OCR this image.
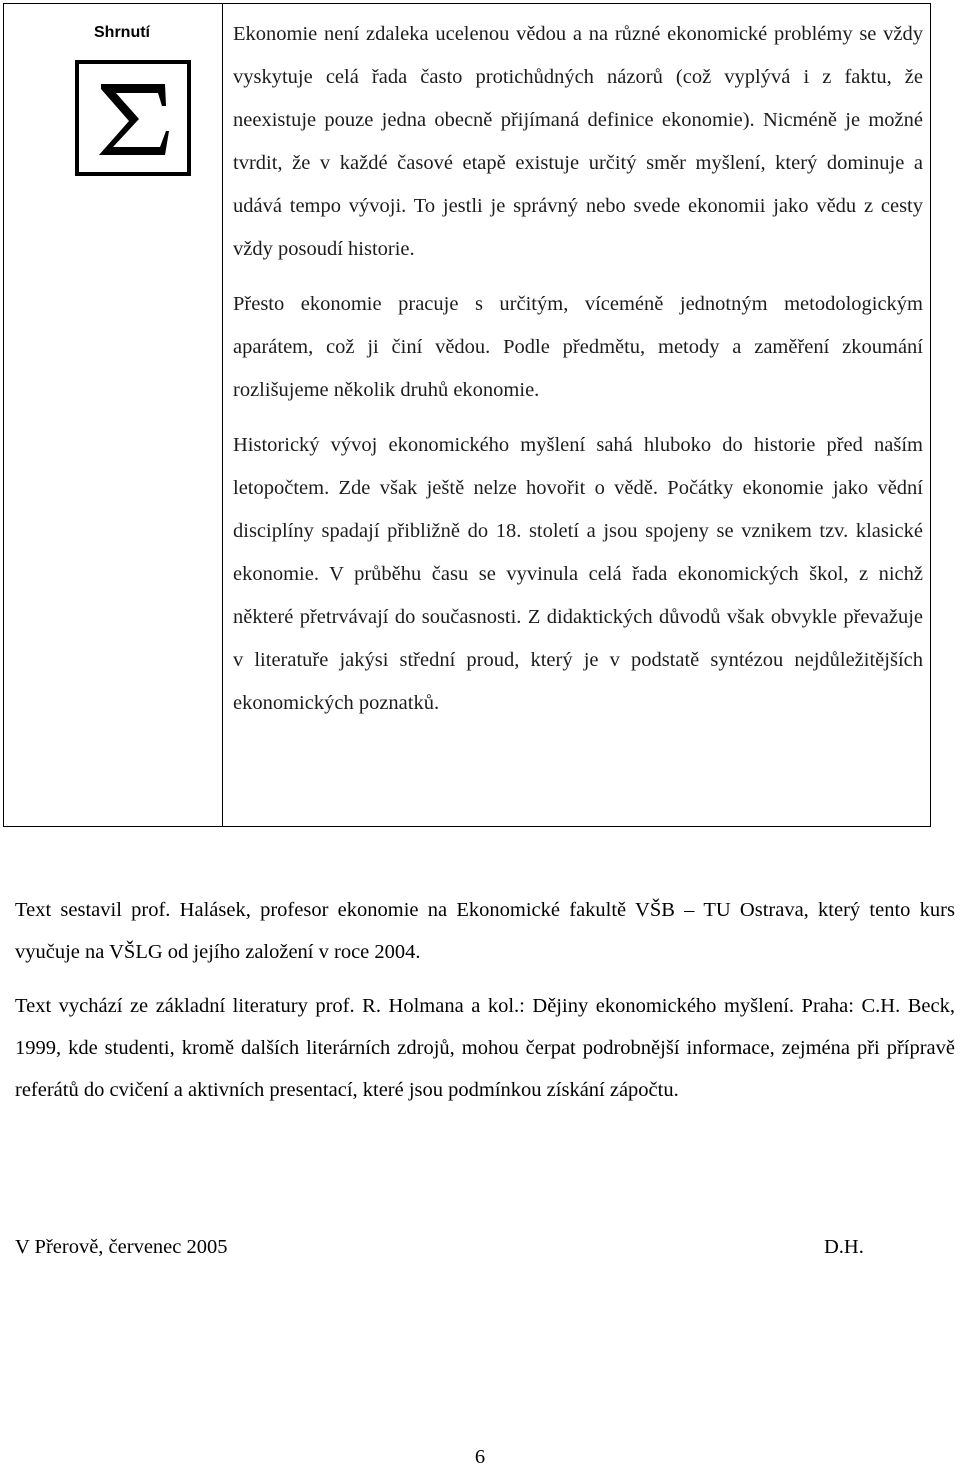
Shrnutí	Ekonomie není zdaleka ucelenou vědou a na různé ekonomické problémy se vždy vyskytuje celá řada často protichůdných názorů (což vyplývá i z faktu, že neexistuje pouze jedna obecně přijímaná definice ekonomie). Nicméně je možné tvrdit, že v každé časové etapě existuje určitý směr myšlení, který dominuje a udává tempo vývoji. To jestli je správný nebo svede ekonomii jako vědu z cesty vždy posoudí historie.

Přesto ekonomie pracuje s určitým, víceméně jednotným metodologickým aparátem, což ji činí vědou. Podle předmětu, metody a zaměření zkoumání rozlišujeme několik druhů ekonomie.

Historický vývoj ekonomického myšlení sahá hluboko do historie před naším letopočtem. Zde však ještě nelze hovořit o vědě. Počátky ekonomie jako vědní disciplíny spadají přibližně do 18. století a jsou spojeny se vznikem tzv. klasické ekonomie. V průběhu času se vyvinula celá řada ekonomických škol, z nichž některé přetrvávají do současnosti. Z didaktických důvodů však obvykle převažuje v literatuře jakýsi střední proud, který je v podstatě syntézou nejdůležitějších ekonomických poznatků.

Text sestavil prof. Halásek, profesor ekonomie na Ekonomické fakultě VŠB – TU Ostrava, který tento kurs vyučuje na VŠLG od jejího založení v roce 2004.

Text vychází ze základní literatury prof. R. Holmana a kol.: Dějiny ekonomického myšlení. Praha: C.H. Beck, 1999, kde studenti, kromě dalších literárních zdrojů, mohou čerpat podrobnější informace, zejména při přípravě referátů do cvičení a aktivních presentací, které jsou podmínkou získání zápočtu.

V Přerově, červenec 2005	D.H.
6
